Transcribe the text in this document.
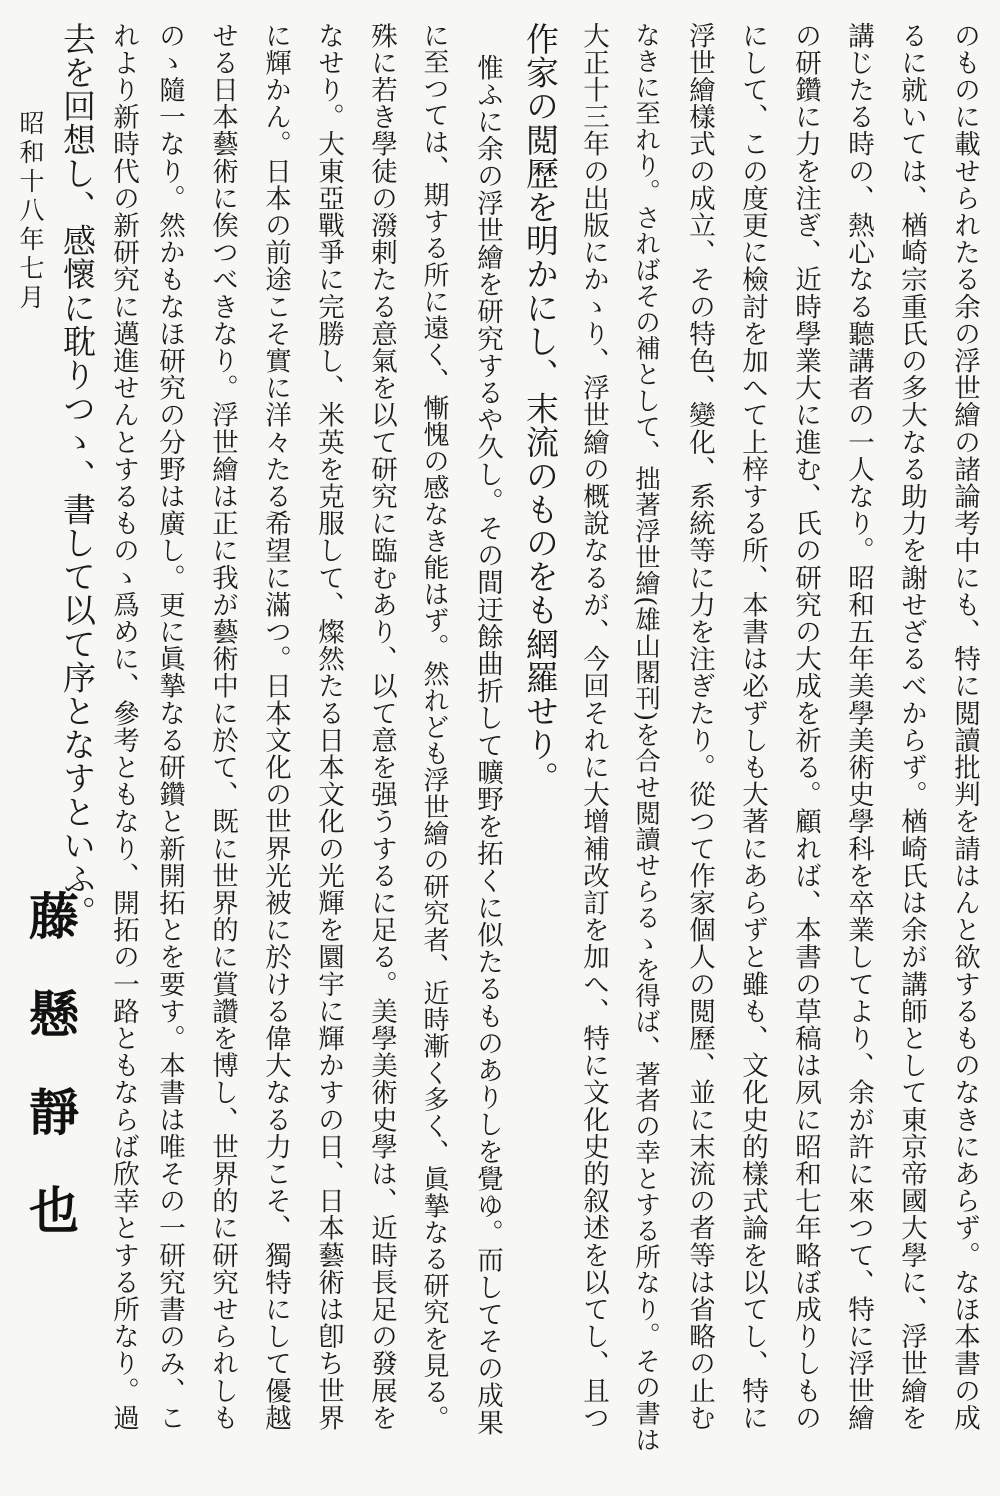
のものに載せられたる余の浮世繪の諸論考中にも、特に閲讀批判を請はんと欲するものなきにあらず。なほ本書の成
るに就いては、楢崎宗重氏の多大なる助力を謝せざるべからず。楢崎氏は余が講師として東京帝國大學に、浮世繪を
講じたる時の、熱心なる聽講者の一人なり。昭和五年美學美術史學科を卒業してより、余が許に來つて、特に浮世繪
の研鑽に力を注ぎ、近時學業大に進む、氏の研究の大成を祈る。顧れば、本書の草稿は夙に昭和七年略ぼ成りしもの
にして、この度更に檢討を加へて上梓する所、本書は必ずしも大著にあらずと雖も、文化史的樣式論を以てし、特に
浮世繪樣式の成立、その特色、變化、系統等に力を注ぎたり。從つて作家個人の閲歷、並に末流の者等は省略の止む
なきに至れり。さればその補として、拙著浮世繪(雄山閣刊)を合せ閲讀せらるゝを得ば、著者の幸とする所なり。その書は
大正十三年の出版にかゝり、浮世繪の概說なるが、今回それに大增補改訂を加へ、特に文化史的叙述を以てし、且つ
作家の閲歷を明かにし、末流のものをも網羅せり。
惟ふに余の浮世繪を研究するや久し。その間迂餘曲折して曠野を拓くに似たるものありしを覺ゆ。而してその成果
に至つては、期する所に遠く、慚愧の感なき能はず。然れども浮世繪の研究者、近時漸く多く、眞摯なる研究を見る。
殊に若き學徒の潑剌たる意氣を以て研究に臨むあり、以て意を强うするに足る。美學美術史學は、近時長足の發展を
なせり。大東亞戰爭に完勝し、米英を克服して、燦然たる日本文化の光輝を圜宇に輝かすの日、日本藝術は卽ち世界
に輝かん。日本の前途こそ實に洋々たる希望に滿つ。日本文化の世界光被に於ける偉大なる力こそ、獨特にして優越
せる日本藝術に俟つべきなり。浮世繪は正に我が藝術中に於て、既に世界的に賞讚を博し、世界的に研究せられしも
のゝ隨一なり。然かもなほ研究の分野は廣し。更に眞摯なる研鑽と新開拓とを要す。本書は唯その一研究書のみ、こ
れより新時代の新研究に邁進せんとするものゝ爲めに、參考ともなり、開拓の一路ともならば欣幸とする所なり。過
去を回想し、感懷に耽りつゝ、書して以て序となすといふ。
昭和十八年七月
藤懸靜也
